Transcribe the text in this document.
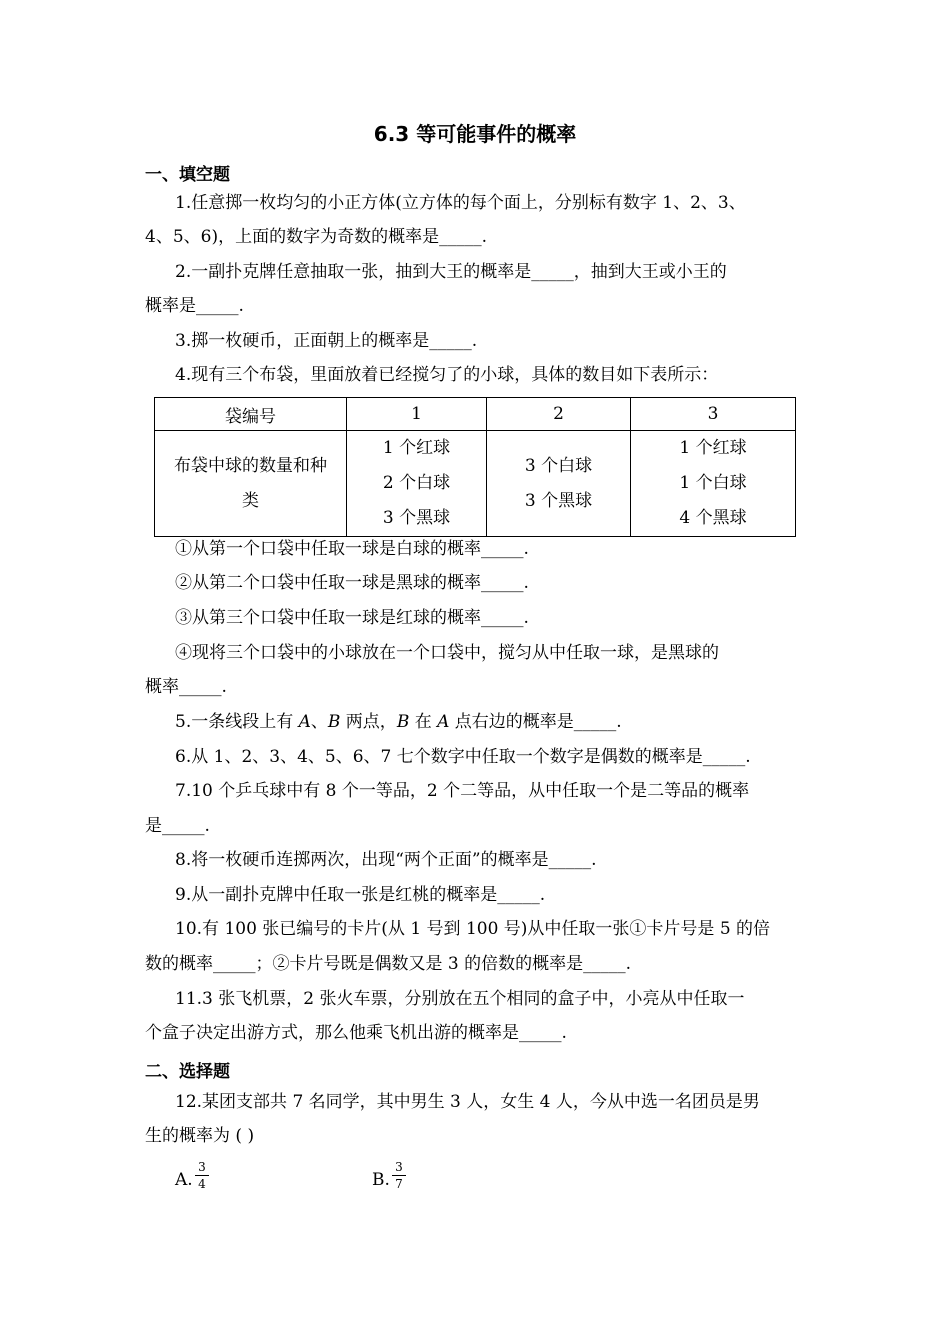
6.3 等可能事件的概率
一、填空题
1.任意掷一枚均匀的小正方体(立方体的每个面上，分别标有数字 1、2、3、
4、5、6)，上面的数字为奇数的概率是_____.
2.一副扑克牌任意抽取一张，抽到大王的概率是_____，抽到大王或小王的
概率是_____.
3.掷一枚硬币，正面朝上的概率是_____.
4.现有三个布袋，里面放着已经搅匀了的小球，具体的数目如下表所示：
袋编号	1	2	3

布袋中球的数量和种
类	1 个红球
2 个白球
3 个黑球	3 个白球
3 个黑球	1 个红球
1 个白球
4 个黑球
①从第一个口袋中任取一球是白球的概率_____.
②从第二个口袋中任取一球是黑球的概率_____.
③从第三个口袋中任取一球是红球的概率_____.
④现将三个口袋中的小球放在一个口袋中，搅匀从中任取一球，是黑球的
概率_____.
5.一条线段上有 A、B 两点，B 在 A 点右边的概率是_____.
6.从 1、2、3、4、5、6、7 七个数字中任取一个数字是偶数的概率是_____.
7.10 个乒乓球中有 8 个一等品，2 个二等品，从中任取一个是二等品的概率
是_____.
8.将一枚硬币连掷两次，出现“两个正面”的概率是_____.
9.从一副扑克牌中任取一张是红桃的概率是_____.
10.有 100 张已编号的卡片(从 1 号到 100 号)从中任取一张①卡片号是 5 的倍
数的概率_____；②卡片号既是偶数又是 3 的倍数的概率是_____.
11.3 张飞机票，2 张火车票，分别放在五个相同的盒子中，小亮从中任取一
个盒子决定出游方式，那么他乘飞机出游的概率是_____.
二、选择题
12.某团支部共 7 名同学，其中男生 3 人，女生 4 人，今从中选一名团员是男
生的概率为 ( )
A.
3
4	B.
3
7
